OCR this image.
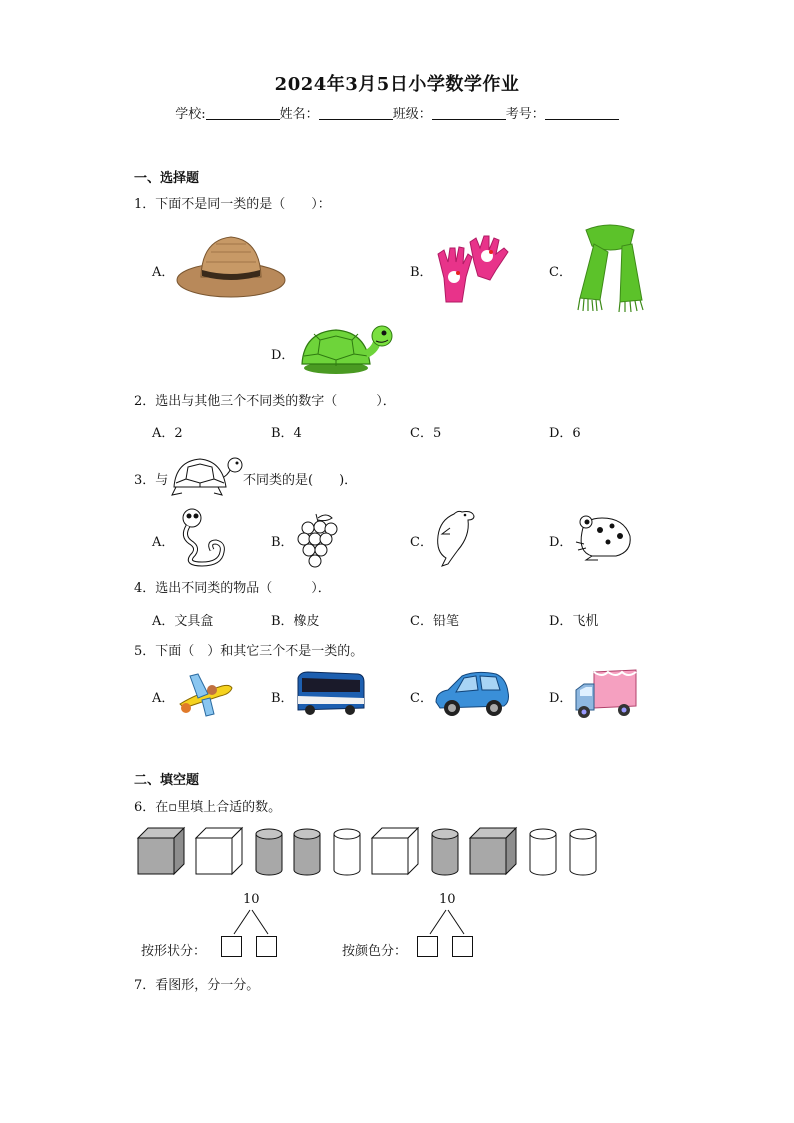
2024年3月5日小学数学作业
学校:	姓名：	班级：	考号：
一、选择题
1．下面不是同一类的是（　　）：
A．	B．	C．
D．
2．选出与其他三个不同类的数字（　　　）．
A．2	B．4	C．5	D．6
3．与	不同类的是(　　)．
A．	B．	C．	D．
4．选出不同类的物品（　　　）．
A．文具盒	B．橡皮	C．铅笔	D．飞机
5．下面（　）和其它三个不是一类的。
A．	B．	C．	D．
二、填空题
6．在▫里填上合适的数。
10
按形状分：
10
按颜色分：
7．看图形，分一分。
